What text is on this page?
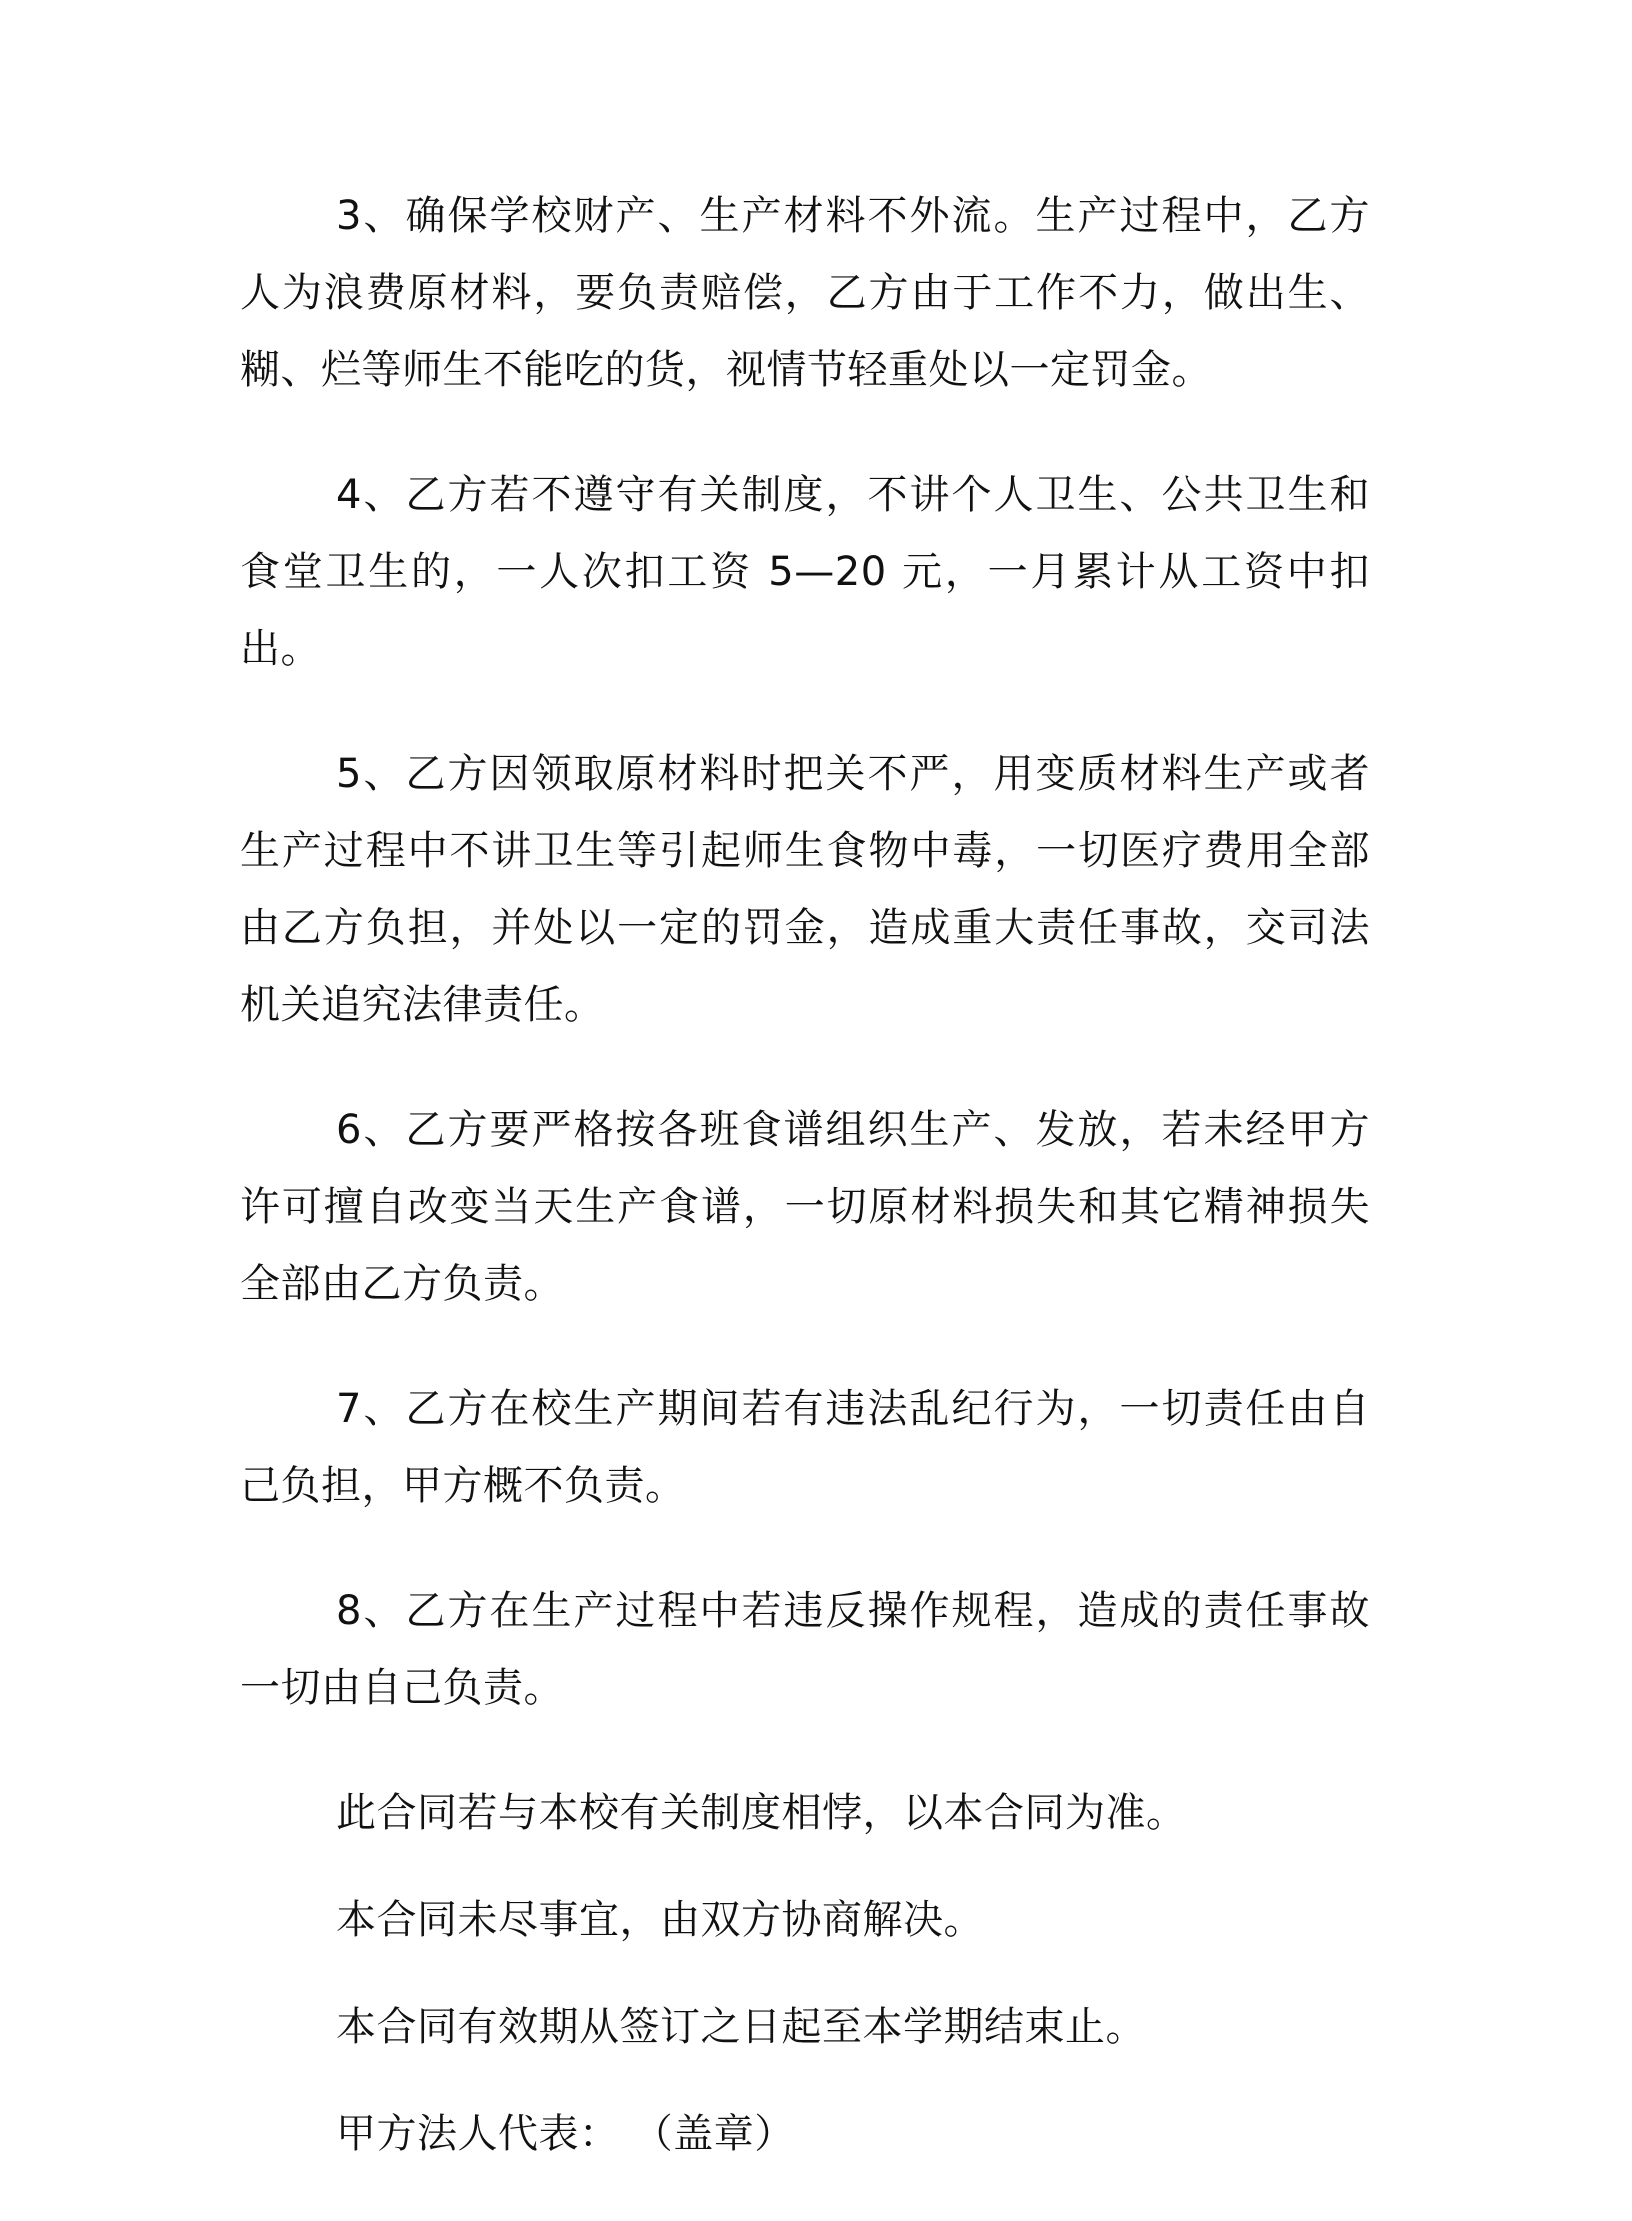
3、确保学校财产、生产材料不外流。生产过程中，乙方人为浪费原材料，要负责赔偿，乙方由于工作不力，做出生、糊、烂等师生不能吃的货，视情节轻重处以一定罚金。

4、乙方若不遵守有关制度，不讲个人卫生、公共卫生和食堂卫生的，一人次扣工资 5—20 元，一月累计从工资中扣出。

5、乙方因领取原材料时把关不严，用变质材料生产或者生产过程中不讲卫生等引起师生食物中毒，一切医疗费用全部由乙方负担，并处以一定的罚金，造成重大责任事故，交司法机关追究法律责任。

6、乙方要严格按各班食谱组织生产、发放，若未经甲方许可擅自改变当天生产食谱，一切原材料损失和其它精神损失全部由乙方负责。

7、乙方在校生产期间若有违法乱纪行为，一切责任由自己负担，甲方概不负责。

8、乙方在生产过程中若违反操作规程，造成的责任事故一切由自己负责。

此合同若与本校有关制度相悖，以本合同为准。

本合同未尽事宜，由双方协商解决。

本合同有效期从签订之日起至本学期结束止。

甲方法人代表： （盖章）
